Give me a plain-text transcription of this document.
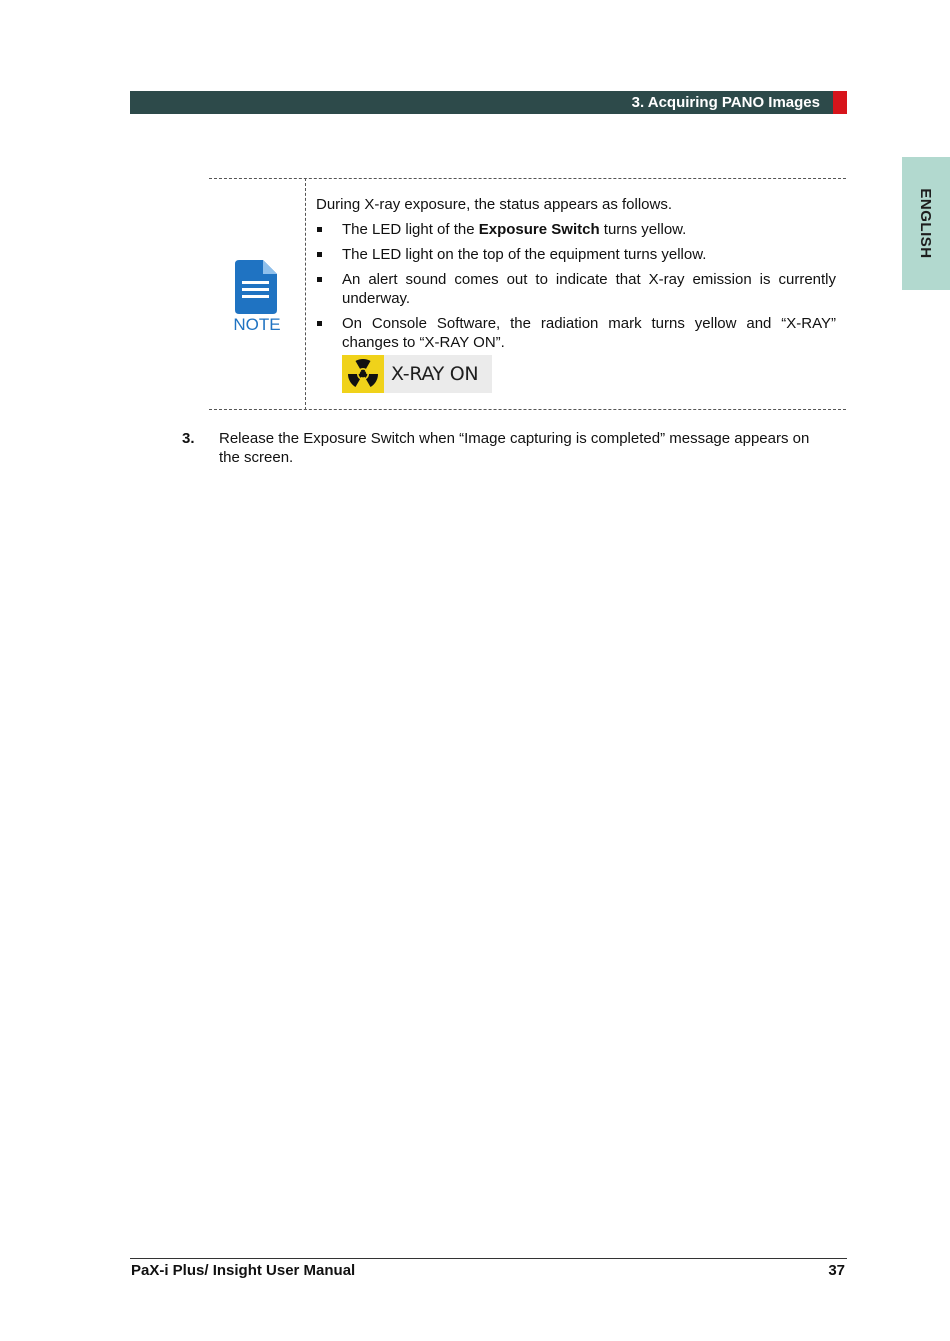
3. Acquiring PANO Images
ENGLISH
NOTE

During X-ray exposure, the status appears as follows.

The LED light of the Exposure Switch turns yellow.
The LED light on the top of the equipment turns yellow.
An alert sound comes out to indicate that X-ray emission is currently underway.
On Console Software, the radiation mark turns yellow and “X-RAY” changes to “X-RAY ON”.
X-RAY ON
3. Release the Exposure Switch when “Image capturing is completed” message appears on the screen.
PaX-i Plus/ Insight User Manual	37
